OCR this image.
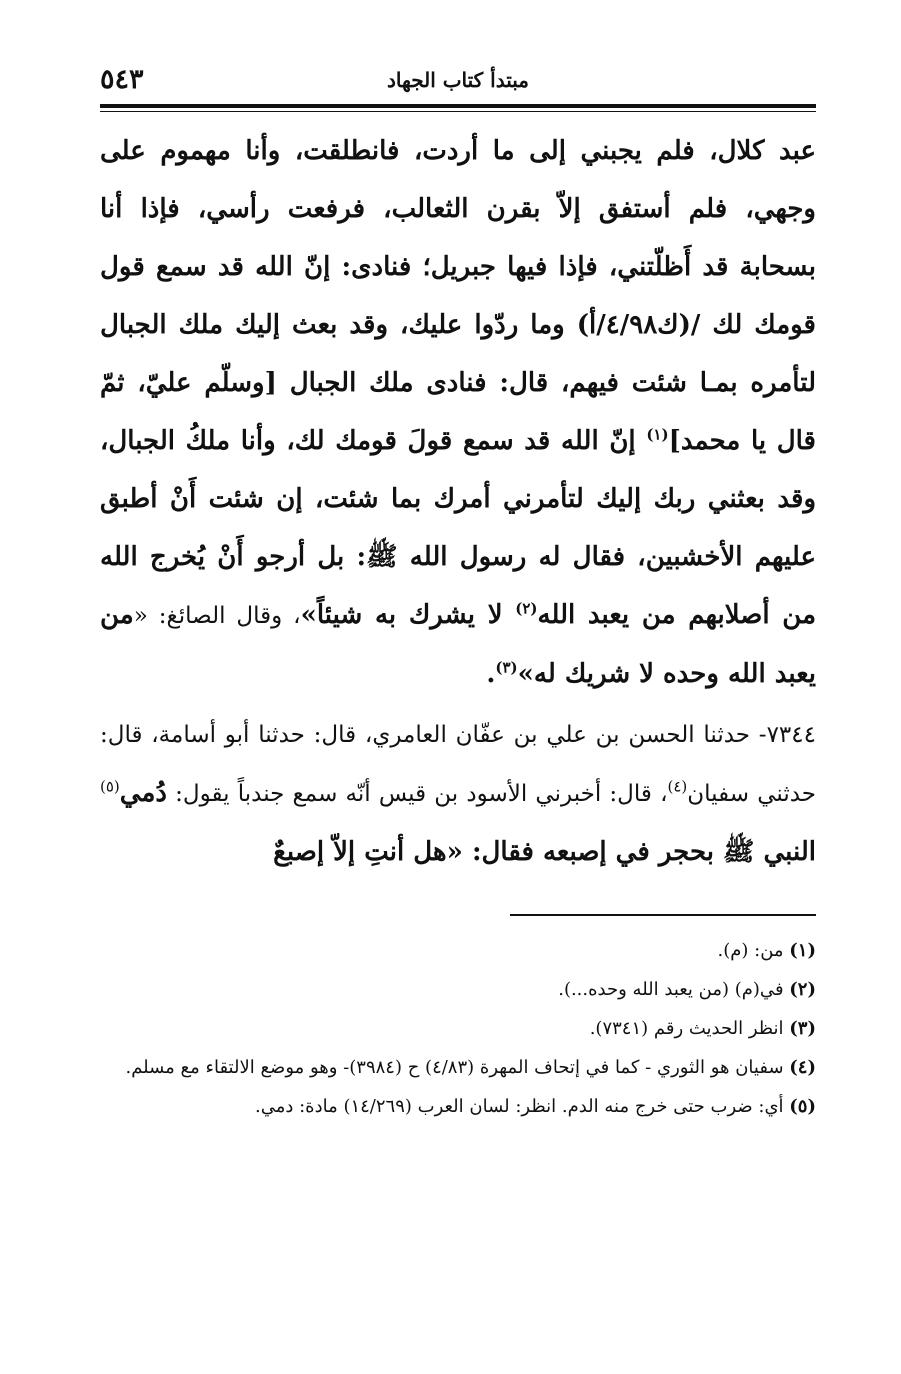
٥٤٣	مبتدأ كتاب الجهاد

عبد كلال، فلم يجبني إلى ما أردت، فانطلقت، وأنا مهموم على وجهي، فلم أستفق إلاّ بقرن الثعالب، فرفعت رأسي، فإذا أنا بسحابة قد أَظلّتني، فإذا فيها جبريل؛ فنادى: إنّ الله قد سمع قول قومك لك /(ك٤/٩٨/أ) وما ردّوا عليك، وقد بعث إليك ملك الجبال لتأمره بمـا شئت فيهم، قال: فنادى ملك الجبال [وسلّم عليّ، ثمّ قال يا محمد]$^{(١)}$ إنّ الله قد سمع قولَ قومك لك، وأنا ملكُ الجبال، وقد بعثني ربك إليك لتأمرني أمرك بما شئت، إن شئت أَنْ أطبق عليهم الأخشبين، فقال له رسول الله ﷺ: بل أرجو أَنْ يُخرج الله من أصلابهم من يعبد الله$^{(٢)}$ لا يشرك به شيئاً»، وقال الصائغ: «من يعبد الله وحده لا شريك له»$^{(٣)}$.

٧٣٤٤- حدثنا الحسن بن علي بن عفّان العامري، قال: حدثنا أبو أسامة، قال: حدثني سفيان$^{(٤)}$، قال: أخبرني الأسود بن قيس أنّه سمع جندباً يقول: دُمي$^{(٥)}$ النبي ﷺ بحجر في إصبعه فقال: «هل أنتِ إلاّ إصبعٌ

(١) من: (م).

(٢) في(م) (من يعبد الله وحده...).

(٣) انظر الحديث رقم (٧٣٤١).

(٤) سفيان هو الثوري - كما في إتحاف المهرة (٤/٨٣) ح (٣٩٨٤)- وهو موضع الالتقاء مع مسلم.

(٥) أي: ضرب حتى خرج منه الدم. انظر: لسان العرب (١٤/٢٦٩) مادة: دمي.
